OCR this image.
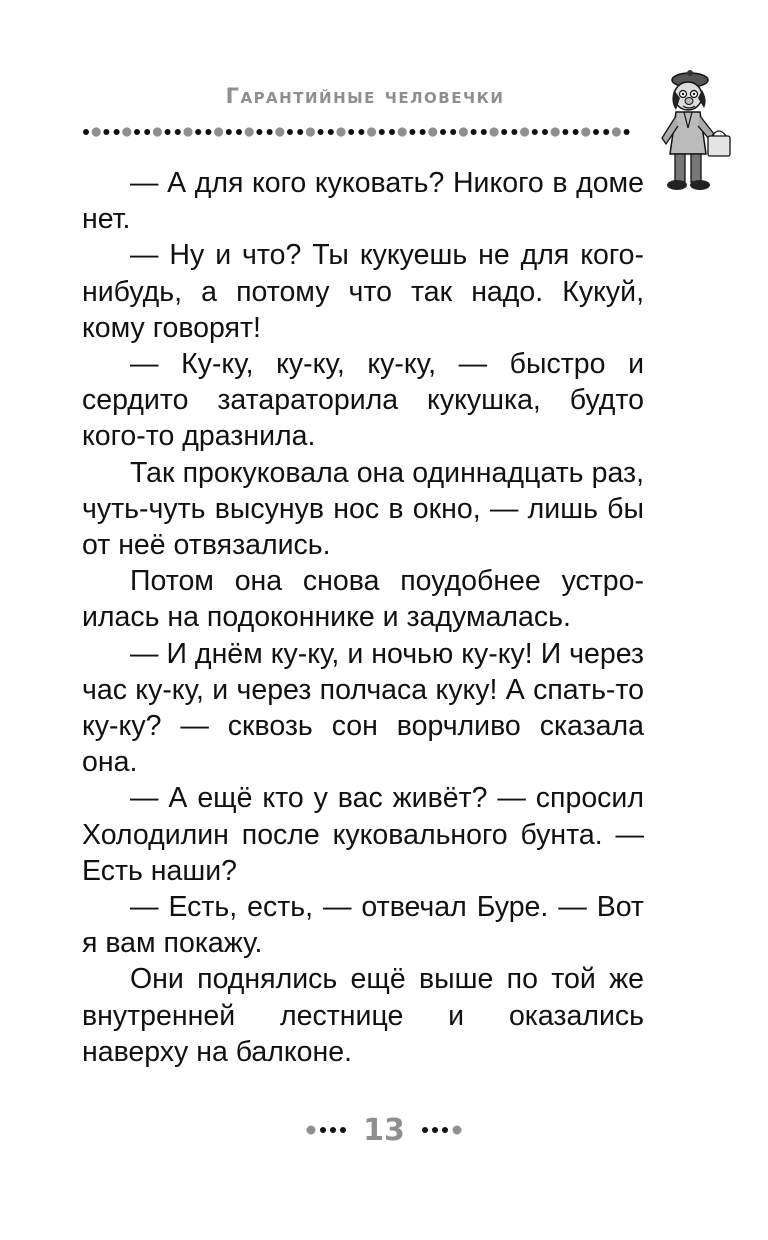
Гарантийные человечки

— А для кого куковать? Никого в доме нет.

— Ну и что? Ты кукуешь не для кого-нибудь, а потому что так надо. Кукуй, кому говорят!

— Ку-ку, ку-ку, ку-ку, — быстро и сердито затараторила кукушка, будто кого-то дразнила.

Так прокуковала она одиннадцать раз, чуть-чуть высунув нос в окно, — лишь бы от неё отвязались.

Потом она снова поудобнее устроилась на подоконнике и задумалась.

— И днём ку-ку, и ночью ку-ку! И через час ку-ку, и через полчаса куку! А спать-то ку-ку? — сквозь сон ворчливо сказала она.

— А ещё кто у вас живёт? — спросил Холодилин после куковального бунта. — Есть наши?

— Есть, есть, — отвечал Буре. — Вот я вам покажу.

Они поднялись ещё выше по той же внутренней лестнице и оказались наверху на балконе.

13
